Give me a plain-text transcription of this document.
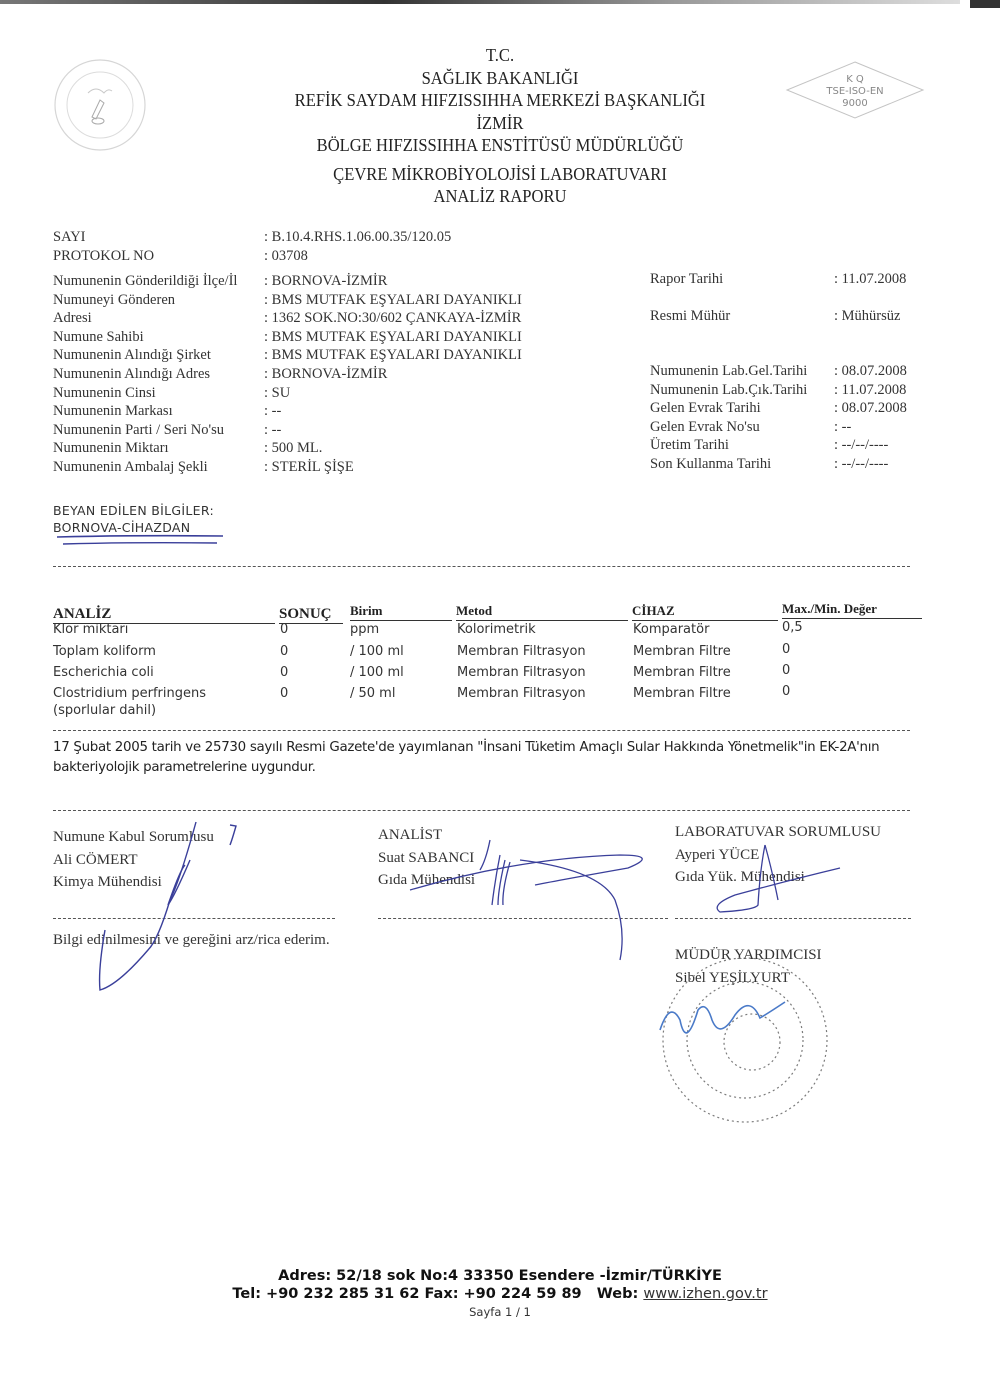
K Q
TSE-ISO-EN
9000
T.C.
SAĞLIK BAKANLIĞI
REFİK SAYDAM HIFZISSIHHA MERKEZİ BAŞKANLIĞI
İZMİR
BÖLGE HIFZISSIHHA ENSTİTÜSÜ MÜDÜRLÜĞÜ
ÇEVRE MİKROBİYOLOJİSİ LABORATUVARI
ANALİZ RAPORU
SAYI	: B.10.4.RHS.1.06.00.35/120.05
PROTOKOL NO	: 03708
Numunenin Gönderildiği İlçe/İl : BORNOVA-İZMİR
Numuneyi Gönderen	: BMS MUTFAK EŞYALARI DAYANIKLI
Adresi	: 1362 SOK.NO:30/602 ÇANKAYA-İZMİR
Numune Sahibi	: BMS MUTFAK EŞYALARI DAYANIKLI
Numunenin Alındığı Şirket	: BMS MUTFAK EŞYALARI DAYANIKLI
Numunenin Alındığı Adres	: BORNOVA-İZMİR
Numunenin Cinsi	: SU
Numunenin Markası	: --
Numunenin Parti / Seri No'su	: --
Numunenin Miktarı	: 500 ML.
Numunenin Ambalaj Şekli	: STERİL ŞİŞE
Rapor Tarihi	: 11.07.2008
Resmi Mühür	: Mühürsüz
Numunenin Lab.Gel.Tarihi : 08.07.2008
Numunenin Lab.Çık.Tarihi : 11.07.2008
Gelen Evrak Tarihi	: 08.07.2008
Gelen Evrak No'su	: --
Üretim Tarihi	: --/--/----
Son Kullanma Tarihi	: --/--/----
BEYAN EDİLEN BİLGİLER:
BORNOVA-CİHAZDAN
ANALİZ	SONUÇ Birim	Metod	CİHAZ	Max./Min. Değer
Klor miktarı	0	ppm	Kolorimetrik	Komparatör	0,5
Toplam koliform	0	/ 100 ml	Membran Filtrasyon	Membran Filtre	0
Escherichia coli	0	/ 100 ml	Membran Filtrasyon	Membran Filtre	0
Clostridium perfringens	0	/ 50 ml	Membran Filtrasyon	Membran Filtre	0
(sporlular dahil)
17 Şubat 2005 tarih ve 25730 sayılı Resmi Gazete'de yayımlanan "İnsani Tüketim Amaçlı Sular Hakkında Yönetmelik"in EK-2A'nın bakteriyolojik parametrelerine uygundur.
Numune Kabul Sorumlusu
Ali CÖMERT
Kimya Mühendisi
ANALİST
Suat SABANCI
Gıda Mühendisi
LABORATUVAR SORUMLUSU
Ayperi YÜCE
Gıda Yük. Mühendisi
Bilgi edinilmesini ve gereğini arz/rica ederim.
MÜDÜR YARDIMCISI
Sibel YEŞİLYURT
Adres: 52/18 sok No:4 33350 Esendere -İzmir/TÜRKİYE
Tel: +90 232 285 31 62 Fax: +90 224 59 89 Web: www.izhen.gov.tr
Sayfa 1 / 1
